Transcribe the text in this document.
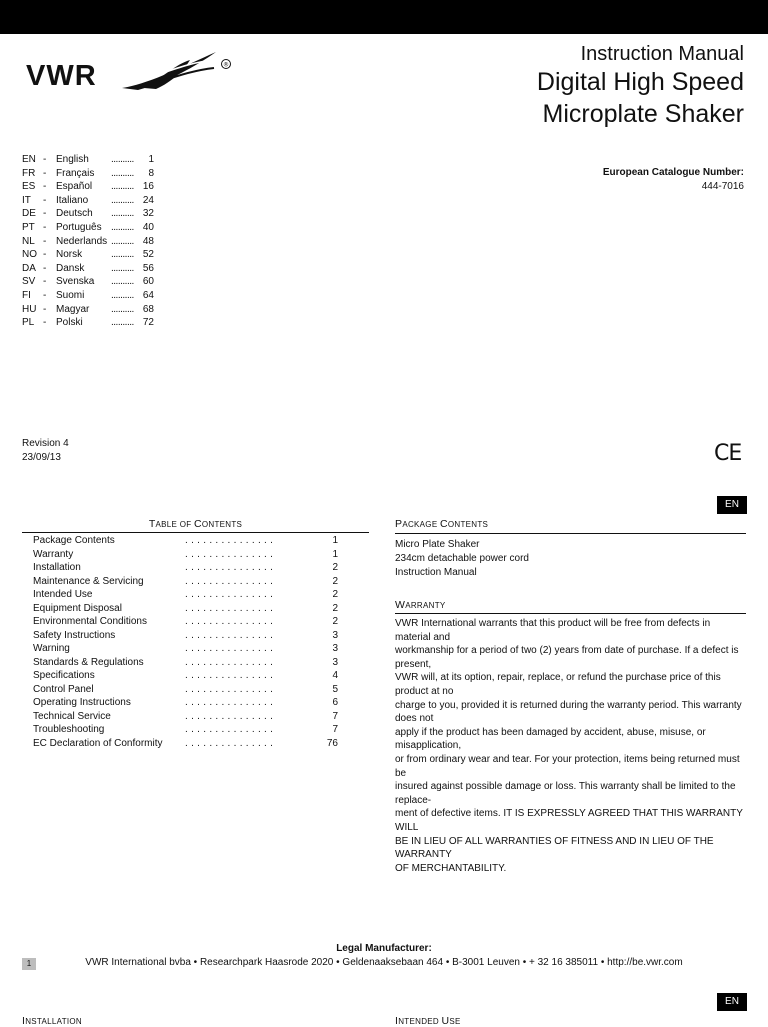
VWR	®	Instruction Manual
Digital High Speed
Microplate Shaker
European Catalogue Number:
444-7016
EN - English .......... 1
FR - Français .......... 8
ES - Español .......... 16
IT - Italiano .......... 24
DE - Deutsch .......... 32
PT - Português .......... 40
NL - Nederlands .......... 48
NO - Norsk	.......... 52
DA - Dansk	.......... 56
SV - Svenska .......... 60
FI - Suomi	.......... 64
HU - Magyar .......... 68
PL - Polski	.......... 72
Revision 4
23/09/13	CE
EN
TABLE OF CONTENTS
Package Contents	...............	1
Warranty	...............	1
Installation	...............	2
Maintenance & Servicing	...............	2
Intended Use	...............	2
Equipment Disposal	...............	2
Environmental Conditions	...............	2
Safety Instructions	...............	3
Warning	...............	3
Standards & Regulations	...............	3
Specifications	...............	4
Control Panel	...............	5
Operating Instructions	...............	6
Technical Service	...............	7
Troubleshooting	...............	7
EC Declaration of Conformity ...............	76
PACKAGE CONTENTS
Micro Plate Shaker
234cm detachable power cord
Instruction Manual
WARRANTY
VWR International warrants that this product will be free from defects in material and
workmanship for a period of two (2) years from date of purchase. If a defect is present,
VWR will, at its option, repair, replace, or refund the purchase price of this product at no
charge to you, provided it is returned during the warranty period. This warranty does not
apply if the product has been damaged by accident, abuse, misuse, or misapplication,
or from ordinary wear and tear. For your protection, items being returned must be
insured against possible damage or loss. This warranty shall be limited to the replace-
ment of defective items. IT IS EXPRESSLY AGREED THAT THIS WARRANTY WILL
BE IN LIEU OF ALL WARRANTIES OF FITNESS AND IN LIEU OF THE WARRANTY
OF MERCHANTABILITY.
Legal Manufacturer:
1	VWR International bvba • Researchpark Haasrode 2020 • Geldenaaksebaan 464 • B-3001 Leuven • + 32 16 385011 • http://be.vwr.com
EN
INSTALLATION	INTENDED USE
